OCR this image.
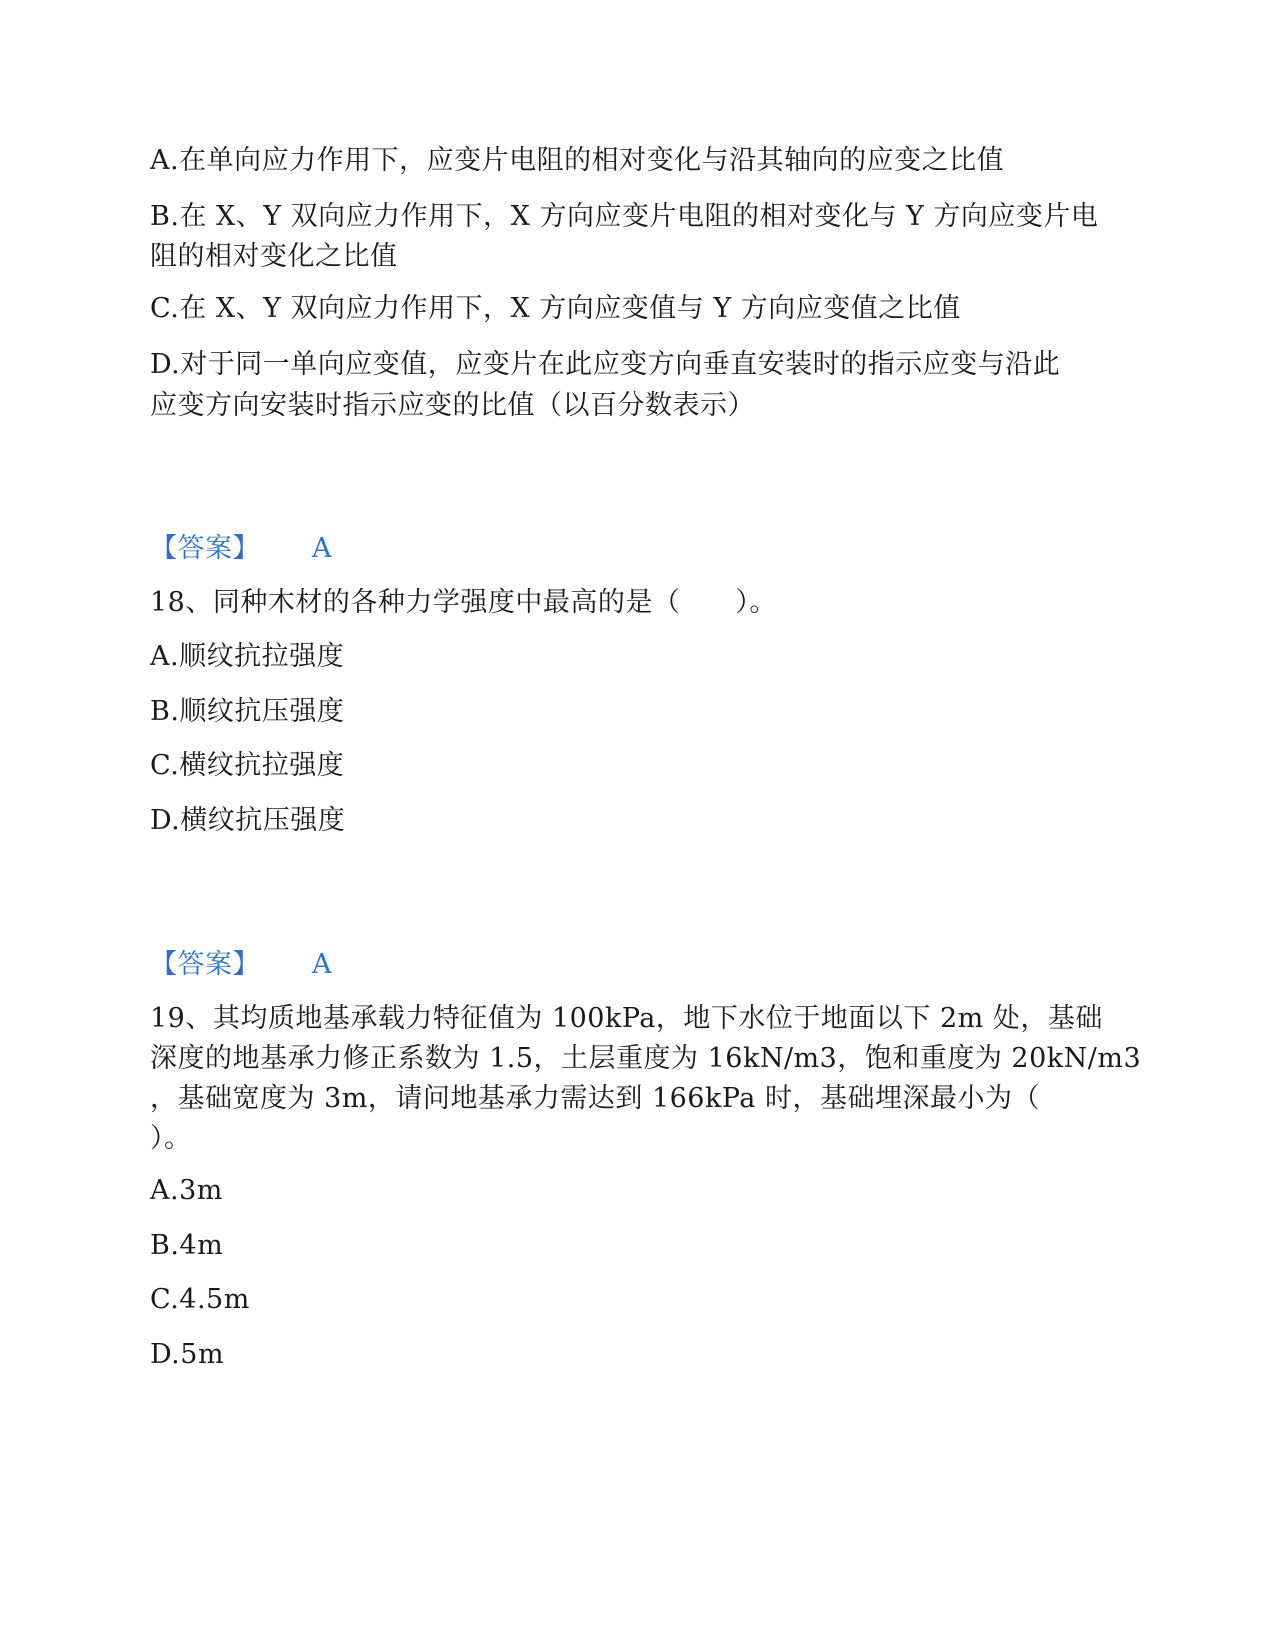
A.在单向应力作用下，应变片电阻的相对变化与沿其轴向的应变之比值
B.在 X、Y 双向应力作用下，X 方向应变片电阻的相对变化与 Y 方向应变片电
阻的相对变化之比值
C.在 X、Y 双向应力作用下，X 方向应变值与 Y 方向应变值之比值
D.对于同一单向应变值，应变片在此应变方向垂直安装时的指示应变与沿此
应变方向安装时指示应变的比值（以百分数表示）
【答案】 A
18、同种木材的各种力学强度中最高的是（　　）。
A.顺纹抗拉强度
B.顺纹抗压强度
C.横纹抗拉强度
D.横纹抗压强度
【答案】 A
19、其均质地基承载力特征值为 100kPa，地下水位于地面以下 2m 处，基础
深度的地基承力修正系数为 1.5，土层重度为 16kN/m3，饱和重度为 20kN/m3
，基础宽度为 3m，请问地基承力需达到 166kPa 时，基础埋深最小为（
）。
A.3m
B.4m
C.4.5m
D.5m
